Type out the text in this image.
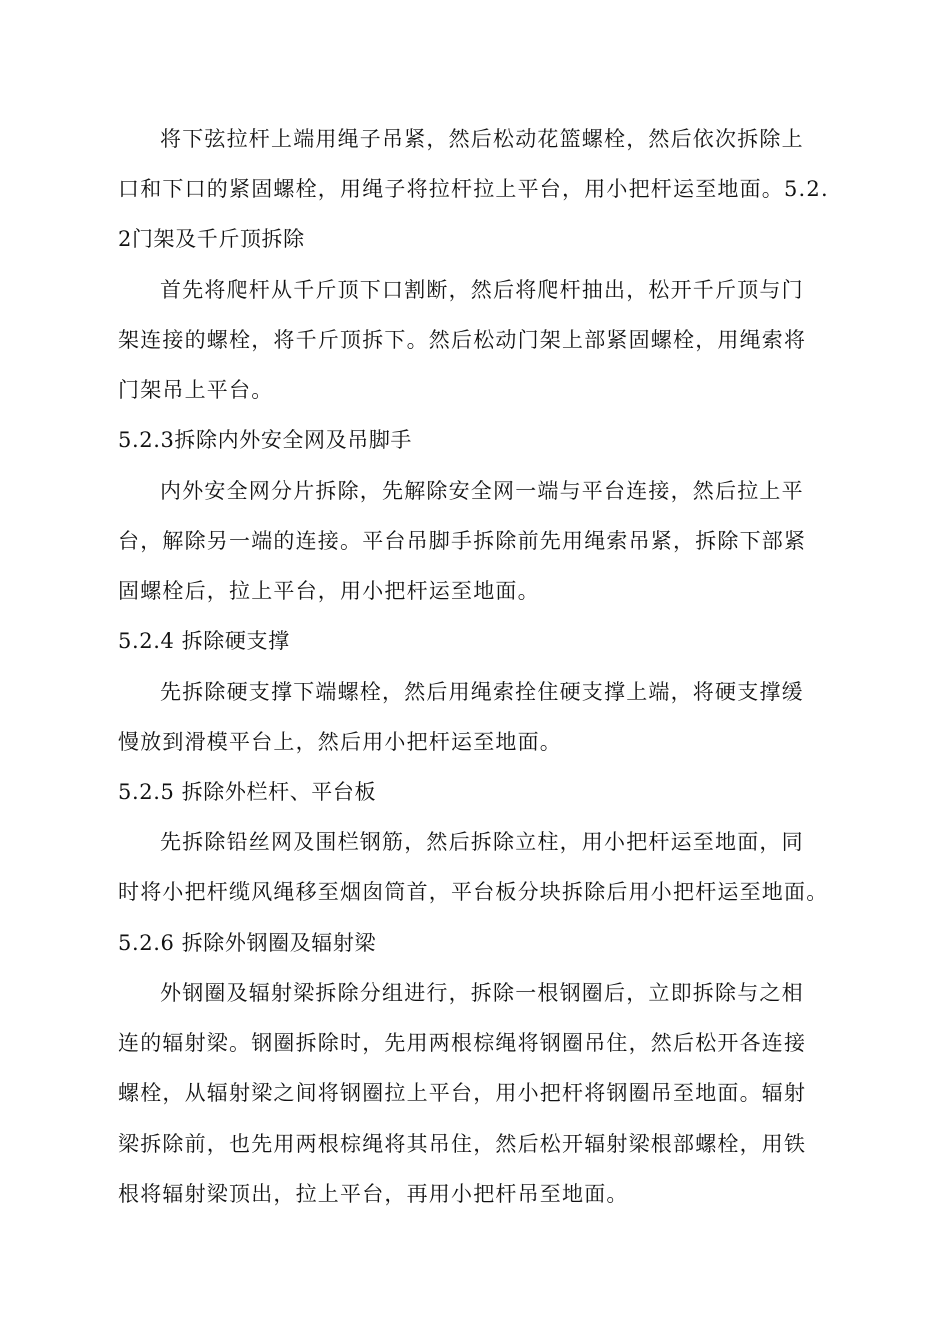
将下弦拉杆上端用绳子吊紧，然后松动花篮螺栓，然后依次拆除上
口和下口的紧固螺栓，用绳子将拉杆拉上平台，用小把杆运至地面。5.2.
2门架及千斤顶拆除
首先将爬杆从千斤顶下口割断，然后将爬杆抽出，松开千斤顶与门
架连接的螺栓，将千斤顶拆下。然后松动门架上部紧固螺栓，用绳索将
门架吊上平台。
5.2.3拆除内外安全网及吊脚手
内外安全网分片拆除，先解除安全网一端与平台连接，然后拉上平
台，解除另一端的连接。平台吊脚手拆除前先用绳索吊紧，拆除下部紧
固螺栓后，拉上平台，用小把杆运至地面。
5.2.4 拆除硬支撑
先拆除硬支撑下端螺栓，然后用绳索拴住硬支撑上端，将硬支撑缓
慢放到滑模平台上，然后用小把杆运至地面。
5.2.5 拆除外栏杆、平台板
先拆除铅丝网及围栏钢筋，然后拆除立柱，用小把杆运至地面，同
时将小把杆缆风绳移至烟囱筒首，平台板分块拆除后用小把杆运至地面。
5.2.6 拆除外钢圈及辐射梁
外钢圈及辐射梁拆除分组进行，拆除一根钢圈后，立即拆除与之相
连的辐射梁。钢圈拆除时，先用两根棕绳将钢圈吊住，然后松开各连接
螺栓，从辐射梁之间将钢圈拉上平台，用小把杆将钢圈吊至地面。辐射
梁拆除前，也先用两根棕绳将其吊住，然后松开辐射梁根部螺栓，用铁
根将辐射梁顶出，拉上平台，再用小把杆吊至地面。
